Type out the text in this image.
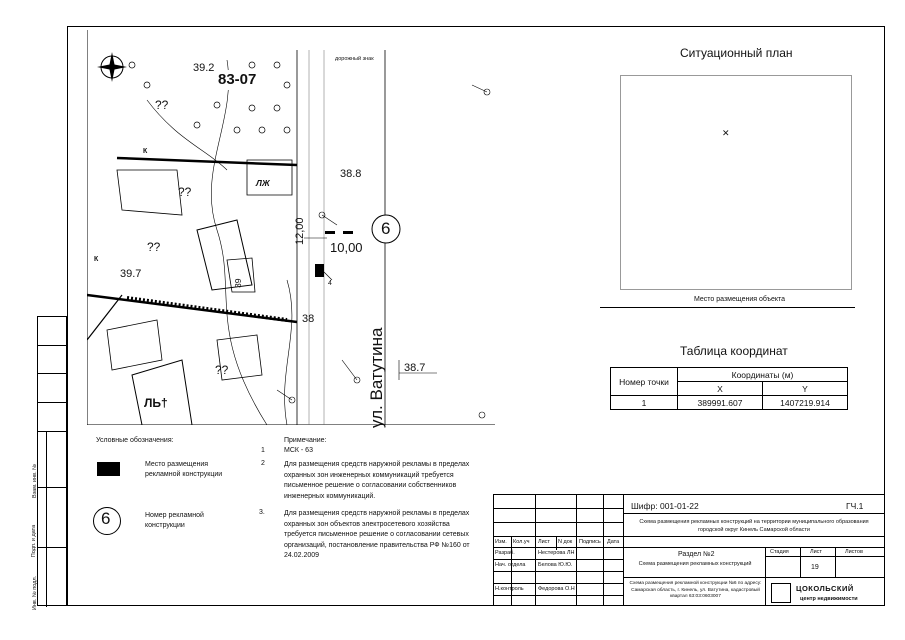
Взам. инв. №
Подп. и дата
Инв. № подл.
83-07
39.2
дорожный знак
38.8
39.7
38.7
38
10,00
12,00	6
ул. Ватутина
4
ЛЖ
ЛЬ†
39
??
??
??
??
К
К
Ситуационный план
✕
Место размещения объекта
Таблица координат
Номер точки	Координаты (м)	
	X	Y
1	389991.607	1407219.914
Условные обозначения:
Место размещения рекламной конструкции
6	Номер рекламной конструкции
Примечание:
1	МСК - 63
2	Для размещения средств наружной рекламы в пределах охранных зон инженерных коммуникаций требуется письменное решение о согласовании собственников инженерных коммуникаций.
3.	Для размещения средств наружной рекламы в пределах охранных зон объектов электросетевого хозяйства требуется письменное решение о согласовании сетевых организаций, постановление правительства РФ №160 от 24.02.2009
Шифр: 001-01-22	ГЧ.1
Схема размещения рекламных конструкций на территории муниципального образования городской округ Кинель Самарской области
Изм. Кол.уч Лист N док Подпись Дата
Разраб.	Нестерова ЛН
Нач. отдела Белова Ю.Ю.
Н.контроль	Федорова О.Н
Раздел №2
Схема размещения рекламных конструкций
Стадия	Лист	Листов
19
Схема размещения рекламной конструкции №6 по адресу: Самарская область, г. Кинель, ул. Ватутина, кадастровый квартал 63:03:0603007
ЦОКОЛЬСКИЙ
центр недвижимости
